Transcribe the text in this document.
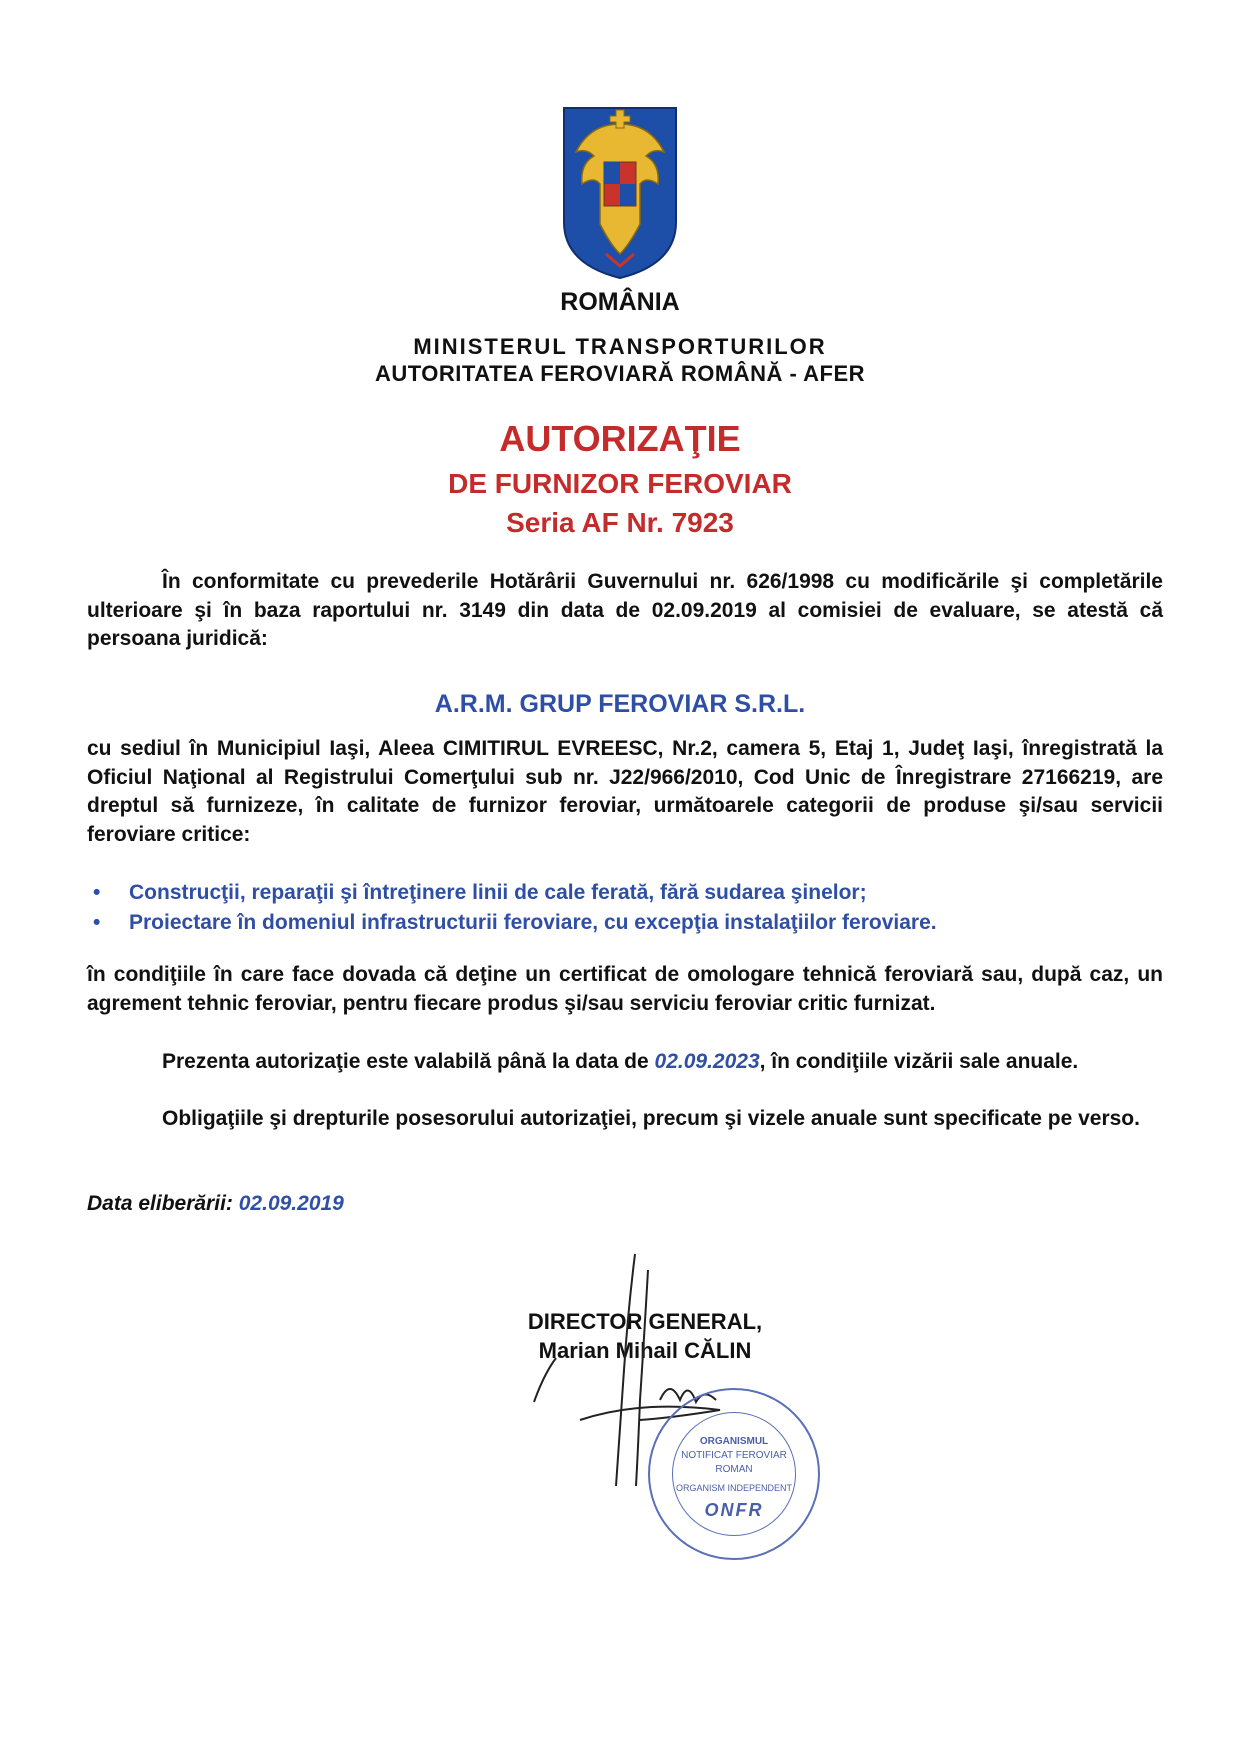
ROMÂNIA
MINISTERUL TRANSPORTURILOR
AUTORITATEA FEROVIARĂ ROMÂNĂ - AFER
AUTORIZAŢIE
DE FURNIZOR FEROVIAR
Seria AF Nr. 7923
În conformitate cu prevederile Hotărârii Guvernului nr. 626/1998 cu modificările şi completările ulterioare şi în baza raportului nr. 3149 din data de 02.09.2019 al comisiei de evaluare, se atestă că persoana juridică:
A.R.M. GRUP FEROVIAR S.R.L.
cu sediul în Municipiul Iaşi, Aleea CIMITIRUL EVREESC, Nr.2, camera 5, Etaj 1, Judeţ Iaşi, înregistrată la Oficiul Naţional al Registrului Comerţului sub nr. J22/966/2010, Cod Unic de Înregistrare 27166219, are dreptul să furnizeze, în calitate de furnizor feroviar, următoarele categorii de produse şi/sau servicii feroviare critice:
• Construcţii, reparaţii şi întreţinere linii de cale ferată, fără sudarea şinelor;
• Proiectare în domeniul infrastructurii feroviare, cu excepţia instalaţiilor feroviare.
în condiţiile în care face dovada că deţine un certificat de omologare tehnică feroviară sau, după caz, un agrement tehnic feroviar, pentru fiecare produs şi/sau serviciu feroviar critic furnizat.
Prezenta autorizaţie este valabilă până la data de 02.09.2023, în condiţiile vizării sale anuale.
Obligaţiile şi drepturile posesorului autorizaţiei, precum şi vizele anuale sunt specificate pe verso.
Data eliberării: 02.09.2019
DIRECTOR GENERAL,
Marian Mihail CĂLIN
ORGANISMUL
NOTIFICAT FEROVIAR
ROMAN
ORGANISM INDEPENDENT
ONFR
